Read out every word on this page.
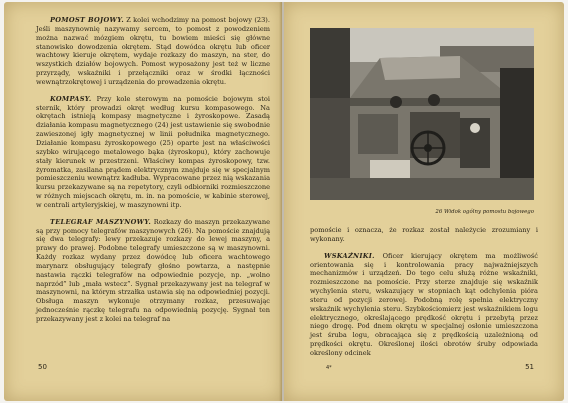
POMOST BOJOWY. Z kolei wchodzimy na pomost bojowy (23). Jeśli maszynownię nazywamy sercem, to pomost z powodzeniem można nazwać mózgiem okrętu, tu bowiem mieści się główne stanowisko dowodzenia okrętem. Stąd dowódca okrętu lub oficer wachtowy kieruje okrętem, wydaje rozkazy do maszyn, na ster, do wszystkich działów bojowych. Pomost wyposażony jest też w liczne przyrządy, wskaźniki i przełączniki oraz w środki łączności wewnątrzokrętowej i urządzenia do prowadzenia okrętu.

KOMPASY. Przy kole sterowym na pomoście bojowym stoi sternik, który prowadzi okręt według kursu kompasowego. Na okrętach istnieją kompasy magnetyczne i żyroskopowe. Zasadą działania kompasu magnetycznego (24) jest ustawienie się swobodnie zawieszonej igły magnetycznej w linii południka magnetycznego. Działanie kompasu żyroskopowego (25) oparte jest na właściwości szybko wirującego metalowego bąka (żyroskopu), który zachowuje stały kierunek w przestrzeni. Właściwy kompas żyroskopowy, tzw. żyromatka, zasilana prądem elektrycznym znajduje się w specjalnym pomieszczeniu wewnątrz kadłuba. Wypracowane przez nią wskazania kursu przekazywane są na repetytory, czyli odbiorniki rozmieszczone w różnych miejscach okrętu, m. in. na pomoście, w kabinie sterowej, w centrali artyleryjskiej, w maszynowni itp.

TELEGRAF MASZYNOWY. Rozkazy do maszyn przekazywane są przy pomocy telegrafów maszynowych (26). Na pomoście znajdują się dwa telegrafy: lewy przekazuje rozkazy do lewej maszyny, a prawy do prawej. Podobne telegrafy umieszczone są w maszynowni. Każdy rozkaz wydany przez dowódcę lub oficera wachtowego marynarz obsługujący telegrafy głośno powtarza, a następnie nastawia rączki telegrafów na odpowiednie pozycje, np. „wolno naprzód” lub „mała wstecz”. Sygnał przekazywany jest na telegraf w maszynowni, na którym strzałka ustawia się na odpowiedniej pozycji. Obsługa maszyn wykonuje otrzymany rozkaz, przesuwając jednocześnie rączkę telegrafu na odpowiednią pozycję. Sygnał ten przekazywany jest z kolei na telegraf na

50
26 Widok ogólny pomostu bojowego

pomoście i oznacza, że rozkaz został należycie zrozumiany i wykonany.

WSKAŹNIKI. Oficer kierujący okrętem ma możliwość orientowania się i kontrolowania pracy najważniejszych mechanizmów i urządzeń. Do tego celu służą różne wskaźniki, rozmieszczone na pomoście. Przy sterze znajduje się wskaźnik wychylenia steru, wskazujący w stopniach kąt odchylenia pióra steru od pozycji zerowej. Podobną rolę spełnia elektryczny wskaźnik wychylenia steru. Szybkościomierz jest wskaźnikiem logu elektrycznego, określającego prędkość okrętu i przebytą przez niego drogę. Pod dnem okrętu w specjalnej osłonie umieszczona jest śruba logu, obracająca się z prędkością uzależnioną od prędkości okrętu. Określonej ilości obrotów śruby odpowiada określony odcinek

4*	51
